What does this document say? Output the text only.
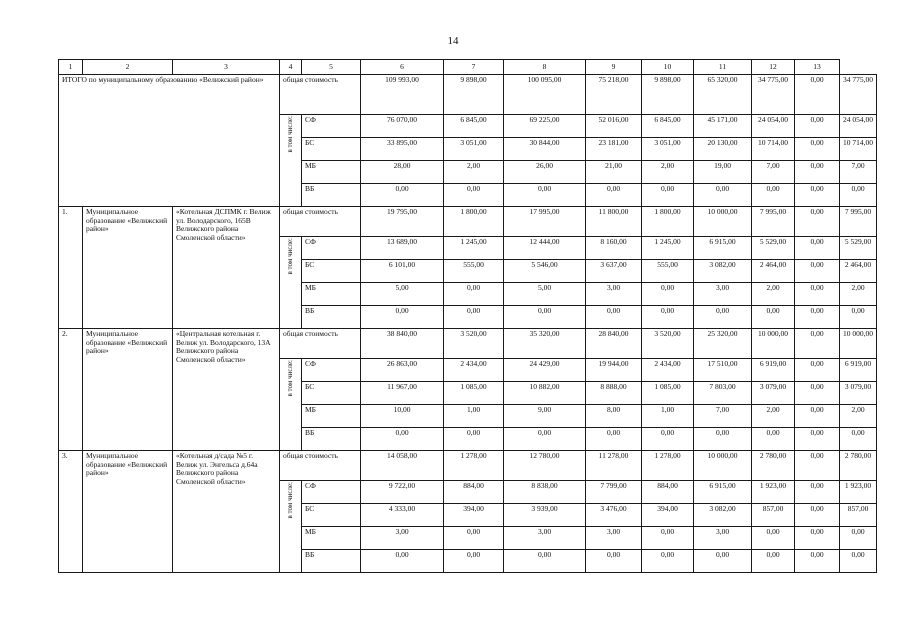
14
1	2	3	4	5	6	7	8	9	10	11	12	13	
ИТОГО по муниципальному образованию «Велижский район»			общая стоимость		109 993,00	9 898,00	100 095,00	75 218,00	9 898,00	65 320,00	34 775,00	0,00	34 775,00
			в том числе:	СФ	76 070,00	6 845,00	69 225,00	52 016,00	6 845,00	45 171,00	24 054,00	0,00	24 054,00
				БС	33 895,00	3 051,00	30 844,00	23 181,00	3 051,00	20 130,00	10 714,00	0,00	10 714,00
				МБ	28,00	2,00	26,00	21,00	2,00	19,00	7,00	0,00	7,00
				ВБ	0,00	0,00	0,00	0,00	0,00	0,00	0,00	0,00	0,00
1.	Муниципальное образование «Велижский район»	«Котельная ДСПМК г. Велиж ул. Володарского, 165В Велижского района Смоленской области»	общая стоимость		19 795,00	1 800,00	17 995,00	11 800,00	1 800,00	10 000,00	7 995,00	0,00	7 995,00
			в том числе:	СФ	13 689,00	1 245,00	12 444,00	8 160,00	1 245,00	6 915,00	5 529,00	0,00	5 529,00
				БС	6 101,00	555,00	5 546,00	3 637,00	555,00	3 082,00	2 464,00	0,00	2 464,00
				МБ	5,00	0,00	5,00	3,00	0,00	3,00	2,00	0,00	2,00
				ВБ	0,00	0,00	0,00	0,00	0,00	0,00	0,00	0,00	0,00
2.	Муниципальное образование «Велижский район»	«Центральная котельная г. Велиж ул. Володарского, 13А Велижского района Смоленской области»	общая стоимость		38 840,00	3 520,00	35 320,00	28 840,00	3 520,00	25 320,00	10 000,00	0,00	10 000,00
			в том числе:	СФ	26 863,00	2 434,00	24 429,00	19 944,00	2 434,00	17 510,00	6 919,00	0,00	6 919,00
				БС	11 967,00	1 085,00	10 882,00	8 888,00	1 085,00	7 803,00	3 079,00	0,00	3 079,00
				МБ	10,00	1,00	9,00	8,00	1,00	7,00	2,00	0,00	2,00
				ВБ	0,00	0,00	0,00	0,00	0,00	0,00	0,00	0,00	0,00
3.	Муниципальное образование «Велижский район»	«Котельная д/сада №5 г. Велиж ул. Энгельса д.64а Велижского района Смоленской области»	общая стоимость		14 058,00	1 278,00	12 780,00	11 278,00	1 278,00	10 000,00	2 780,00	0,00	2 780,00
			в том числе:	СФ	9 722,00	884,00	8 838,00	7 799,00	884,00	6 915,00	1 923,00	0,00	1 923,00
				БС	4 333,00	394,00	3 939,00	3 476,00	394,00	3 082,00	857,00	0,00	857,00
				МБ	3,00	0,00	3,00	3,00	0,00	3,00	0,00	0,00	0,00
				ВБ	0,00	0,00	0,00	0,00	0,00	0,00	0,00	0,00	0,00
